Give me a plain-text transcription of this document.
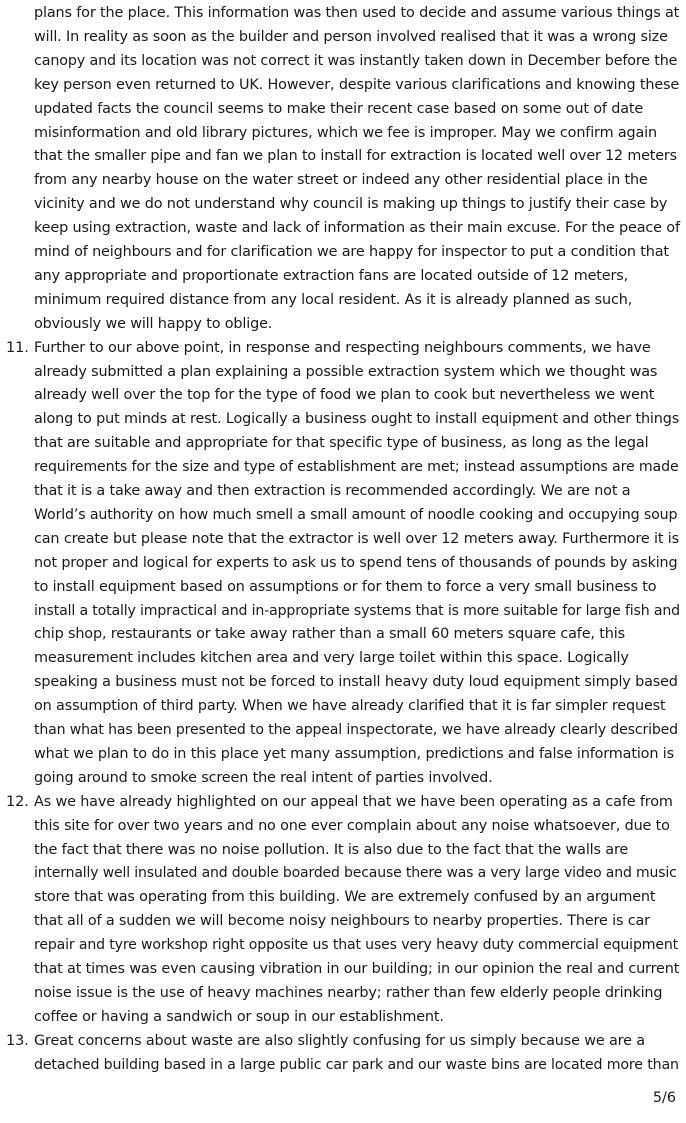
plans for the place. This information was then used to decide and assume various things at
will. In reality as soon as the builder and person involved realised that it was a wrong size
canopy and its location was not correct it was instantly taken down in December before the
key person even returned to UK. However, despite various clarifications and knowing these
updated facts the council seems to make their recent case based on some out of date
misinformation and old library pictures, which we fee is improper. May we confirm again
that the smaller pipe and fan we plan to install for extraction is located well over 12 meters
from any nearby house on the water street or indeed any other residential place in the
vicinity and we do not understand why council is making up things to justify their case by
keep using extraction, waste and lack of information as their main excuse. For the peace of
mind of neighbours and for clarification we are happy for inspector to put a condition that
any appropriate and proportionate extraction fans are located outside of 12 meters,
minimum required distance from any local resident. As it is already planned as such,
obviously we will happy to oblige.
11. Further to our above point, in response and respecting neighbours comments, we have
already submitted a plan explaining a possible extraction system which we thought was
already well over the top for the type of food we plan to cook but nevertheless we went
along to put minds at rest. Logically a business ought to install equipment and other things
that are suitable and appropriate for that specific type of business, as long as the legal
requirements for the size and type of establishment are met; instead assumptions are made
that it is a take away and then extraction is recommended accordingly. We are not a
World’s authority on how much smell a small amount of noodle cooking and occupying soup
can create but please note that the extractor is well over 12 meters away. Furthermore it is
not proper and logical for experts to ask us to spend tens of thousands of pounds by asking
to install equipment based on assumptions or for them to force a very small business to
install a totally impractical and in-appropriate systems that is more suitable for large fish and
chip shop, restaurants or take away rather than a small 60 meters square cafe, this
measurement includes kitchen area and very large toilet within this space. Logically
speaking a business must not be forced to install heavy duty loud equipment simply based
on assumption of third party. When we have already clarified that it is far simpler request
than what has been presented to the appeal inspectorate, we have already clearly described
what we plan to do in this place yet many assumption, predictions and false information is
going around to smoke screen the real intent of parties involved.
12. As we have already highlighted on our appeal that we have been operating as a cafe from
this site for over two years and no one ever complain about any noise whatsoever, due to
the fact that there was no noise pollution. It is also due to the fact that the walls are
internally well insulated and double boarded because there was a very large video and music
store that was operating from this building. We are extremely confused by an argument
that all of a sudden we will become noisy neighbours to nearby properties. There is car
repair and tyre workshop right opposite us that uses very heavy duty commercial equipment
that at times was even causing vibration in our building; in our opinion the real and current
noise issue is the use of heavy machines nearby; rather than few elderly people drinking
coffee or having a sandwich or soup in our establishment.
13. Great concerns about waste are also slightly confusing for us simply because we are a
detached building based in a large public car park and our waste bins are located more than
5/6
